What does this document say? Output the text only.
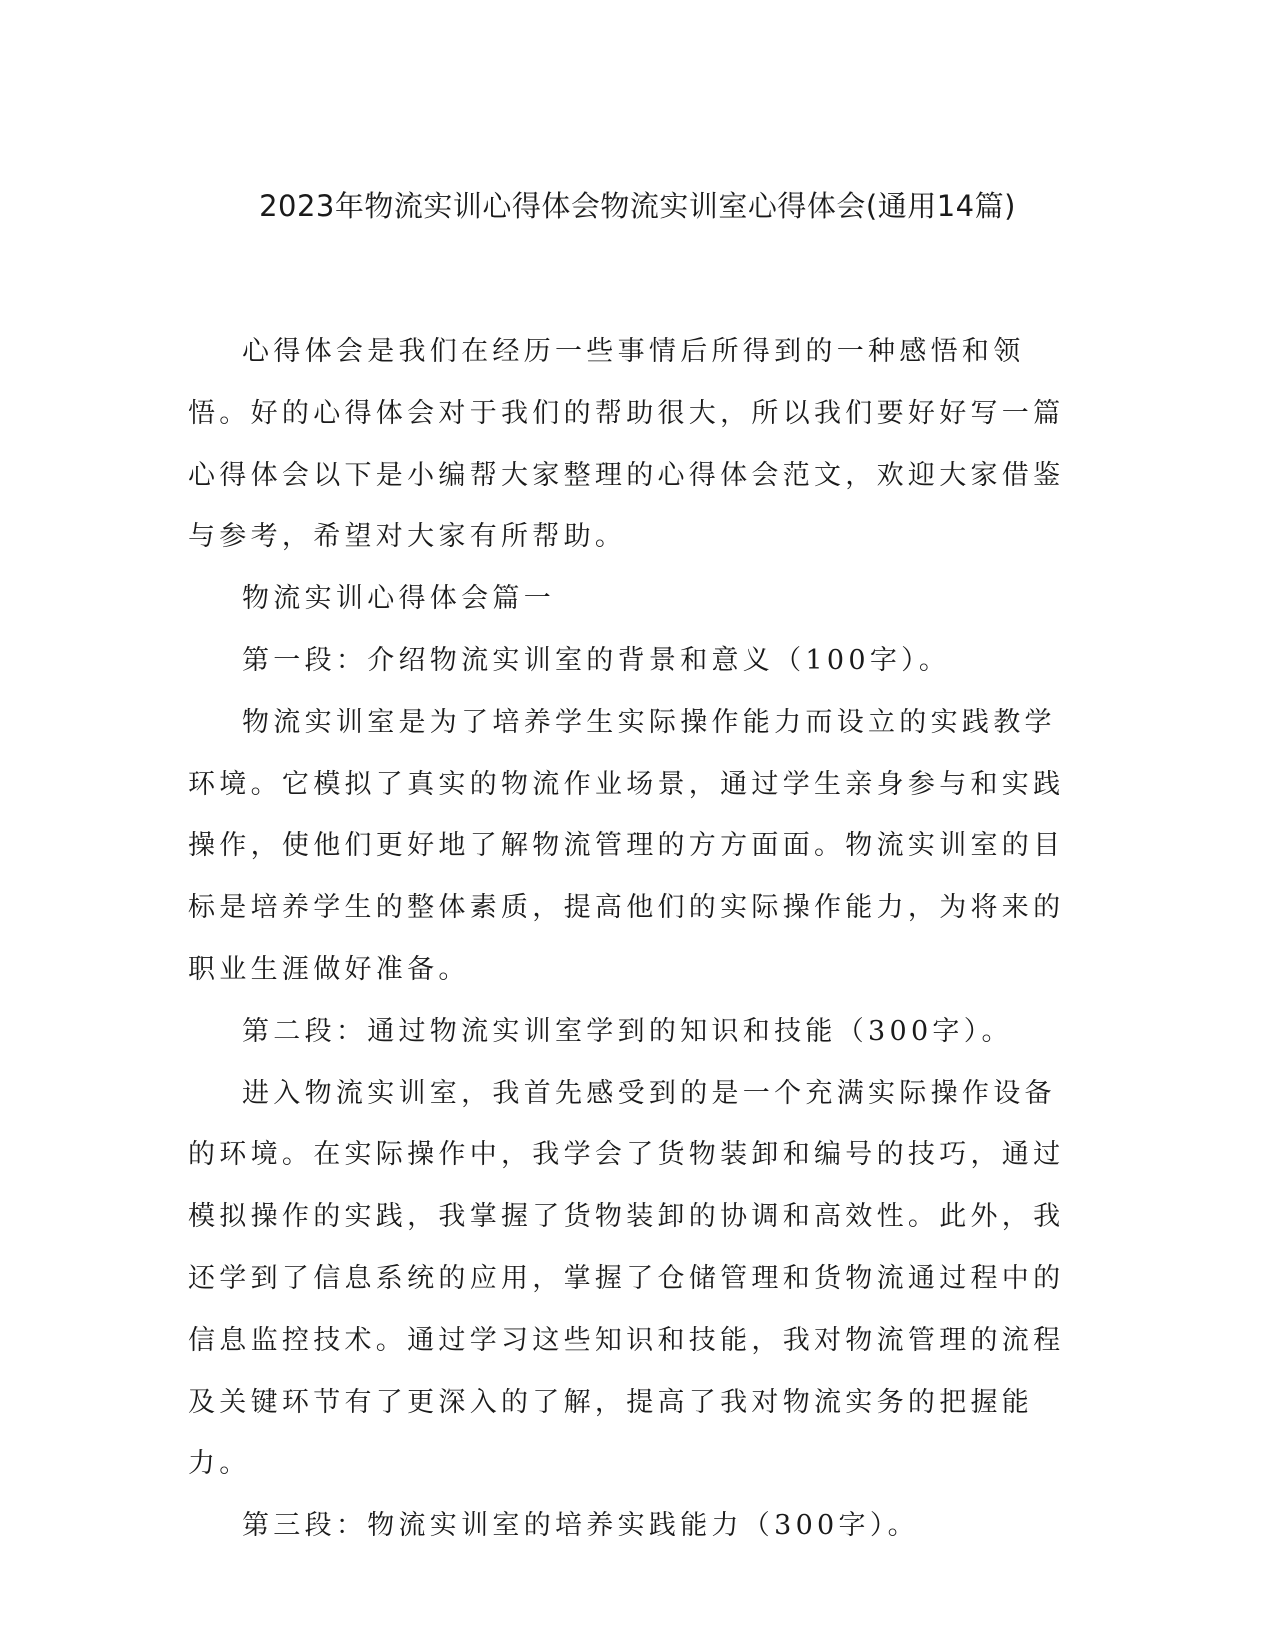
2023年物流实训心得体会物流实训室心得体会(通用14篇)

心得体会是我们在经历一些事情后所得到的一种感悟和领悟。好的心得体会对于我们的帮助很大，所以我们要好好写一篇心得体会以下是小编帮大家整理的心得体会范文，欢迎大家借鉴与参考，希望对大家有所帮助。

物流实训心得体会篇一

第一段：介绍物流实训室的背景和意义（100字）。

物流实训室是为了培养学生实际操作能力而设立的实践教学环境。它模拟了真实的物流作业场景，通过学生亲身参与和实践操作，使他们更好地了解物流管理的方方面面。物流实训室的目标是培养学生的整体素质，提高他们的实际操作能力，为将来的职业生涯做好准备。

第二段：通过物流实训室学到的知识和技能（300字）。

进入物流实训室，我首先感受到的是一个充满实际操作设备的环境。在实际操作中，我学会了货物装卸和编号的技巧，通过模拟操作的实践，我掌握了货物装卸的协调和高效性。此外，我还学到了信息系统的应用，掌握了仓储管理和货物流通过程中的信息监控技术。通过学习这些知识和技能，我对物流管理的流程及关键环节有了更深入的了解，提高了我对物流实务的把握能力。

第三段：物流实训室的培养实践能力（300字）。
